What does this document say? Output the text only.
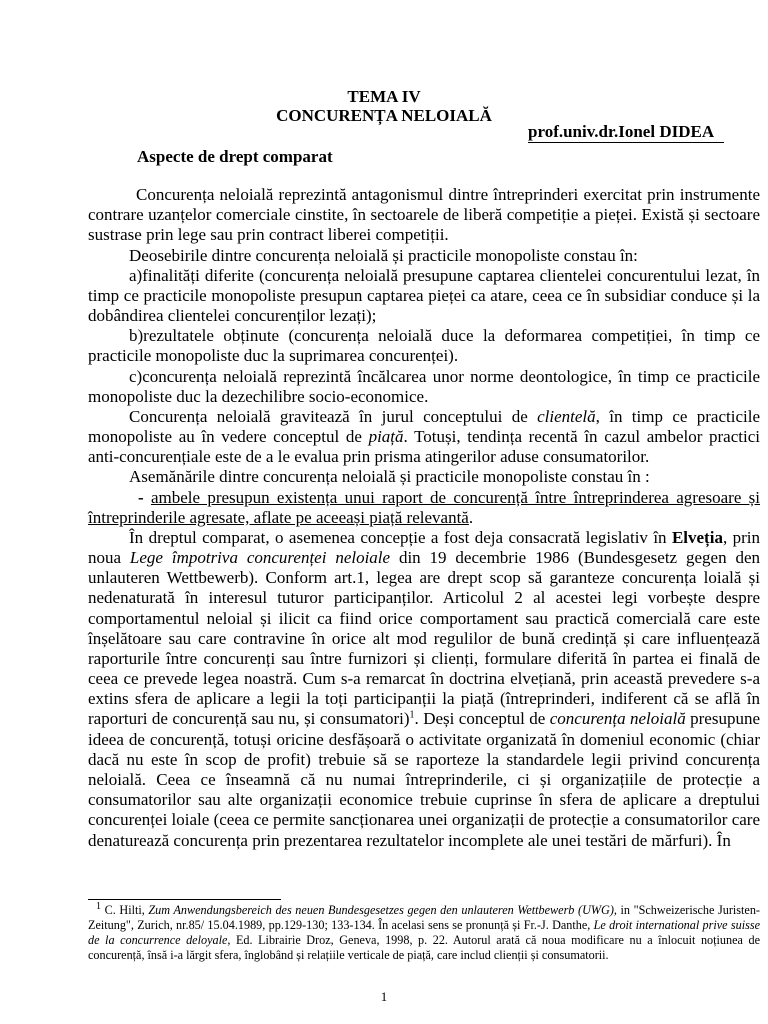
TEMA IV
CONCURENȚA NELOIALĂ
prof.univ.dr.Ionel DIDEA
Aspecte de drept comparat

Concurența neloială reprezintă antagonismul dintre întreprinderi exercitat prin instrumente contrare uzanțelor comerciale cinstite, în sectoarele de liberă competiție a pieței. Există și sectoare sustrase prin lege sau prin contract liberei competiții.

Deosebirile dintre concurența neloială și practicile monopoliste constau în:

a)finalități diferite (concurența neloială presupune captarea clientelei concurentului lezat, în timp ce practicile monopoliste presupun captarea pieței ca atare, ceea ce în subsidiar conduce și la dobândirea clientelei concurenților lezați);

b)rezultatele obținute (concurența neloială duce la deformarea competiției, în timp ce practicile monopoliste duc la suprimarea concurenței).

c)concurența neloială reprezintă încălcarea unor norme deontologice, în timp ce practicile monopoliste duc la dezechilibre socio-economice.

Concurența neloială gravitează în jurul conceptului de clientelă, în timp ce practicile monopoliste au în vedere conceptul de piață. Totuși, tendința recentă în cazul ambelor practici anti-concurențiale este de a le evalua prin prisma atingerilor aduse consumatorilor.

Asemănările dintre concurența neloială și practicile monopoliste constau în :

- ambele presupun existența unui raport de concurență între întreprinderea agresoare și întreprinderile agresate, aflate pe aceeași piață relevantă.

În dreptul comparat, o asemenea concepție a fost deja consacrată legislativ în Elveția, prin noua Lege împotriva concurenței neloiale din 19 decembrie 1986 (Bundesgesetz gegen den unlauteren Wettbewerb). Conform art.1, legea are drept scop să garanteze concurența loială și nedenaturată în interesul tuturor participanților. Articolul 2 al acestei legi vorbește despre comportamentul neloial și ilicit ca fiind orice comportament sau practică comercială care este înșelătoare sau care contravine în orice alt mod regulilor de bună credință și care influențează raporturile între concurenți sau între furnizori și clienți, formulare diferită în partea ei finală de ceea ce prevede legea noastră. Cum s-a remarcat în doctrina elvețiană, prin această prevedere s-a extins sfera de aplicare a legii la toți participanții la piață (întreprinderi, indiferent că se află în raporturi de concurență sau nu, și consumatori)$^1$. Deși conceptul de concurența neloială presupune ideea de concurență, totuși oricine desfășoară o activitate organizată în domeniul economic (chiar dacă nu este în scop de profit) trebuie să se raporteze la standardele legii privind concurența neloială. Ceea ce înseamnă că nu numai întreprinderile, ci și organizațiile de protecție a consumatorilor sau alte organizații economice trebuie cuprinse în sfera de aplicare a dreptului concurenței loiale (ceea ce permite sancționarea unei organizații de protecție a consumatorilor care denaturează concurența prin prezentarea rezultatelor incomplete ale unei testări de mărfuri). În

$^1$ C. Hilti, Zum Anwendungsbereich des neuen Bundesgesetzes gegen den unlauteren Wettbewerb (UWG), in "Schweizerische Juristen-Zeitung", Zurich, nr.85/ 15.04.1989, pp.129-130; 133-134. În acelasi sens se pronunță și Fr.-J. Danthe, Le droit international prive suisse de la concurrence deloyale, Ed. Librairie Droz, Geneva, 1998, p. 22. Autorul arată că noua modificare nu a înlocuit noțiunea de concurență, însă i-a lărgit sfera, înglobând și relațiile verticale de piață, care includ clienții și consumatorii.

1
